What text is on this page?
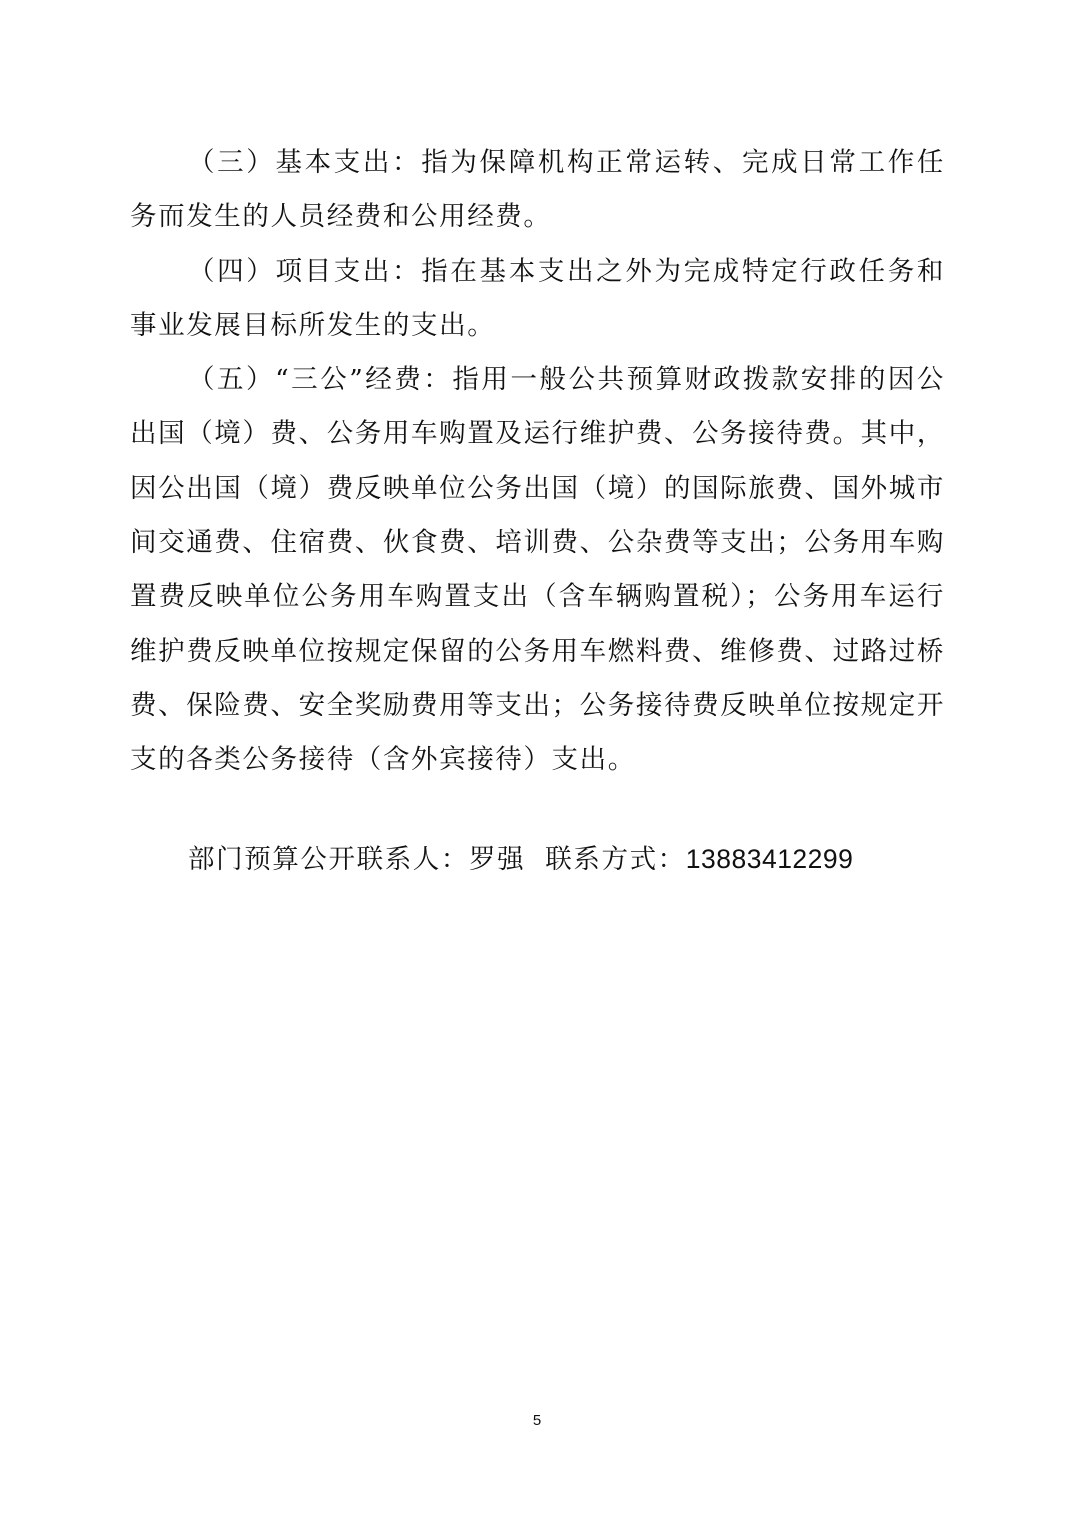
（三）基本支出：指为保障机构正常运转、完成日常工作任务而发生的人员经费和公用经费。

（四）项目支出：指在基本支出之外为完成特定行政任务和事业发展目标所发生的支出。

（五）“三公”经费：指用一般公共预算财政拨款安排的因公出国（境）费、公务用车购置及运行维护费、公务接待费。其中，因公出国（境）费反映单位公务出国（境）的国际旅费、国外城市间交通费、住宿费、伙食费、培训费、公杂费等支出；公务用车购置费反映单位公务用车购置支出（含车辆购置税）；公务用车运行维护费反映单位按规定保留的公务用车燃料费、维修费、过路过桥费、保险费、安全奖励费用等支出；公务接待费反映单位按规定开支的各类公务接待（含外宾接待）支出。

部门预算公开联系人：罗强 联系方式：13883412299
5
